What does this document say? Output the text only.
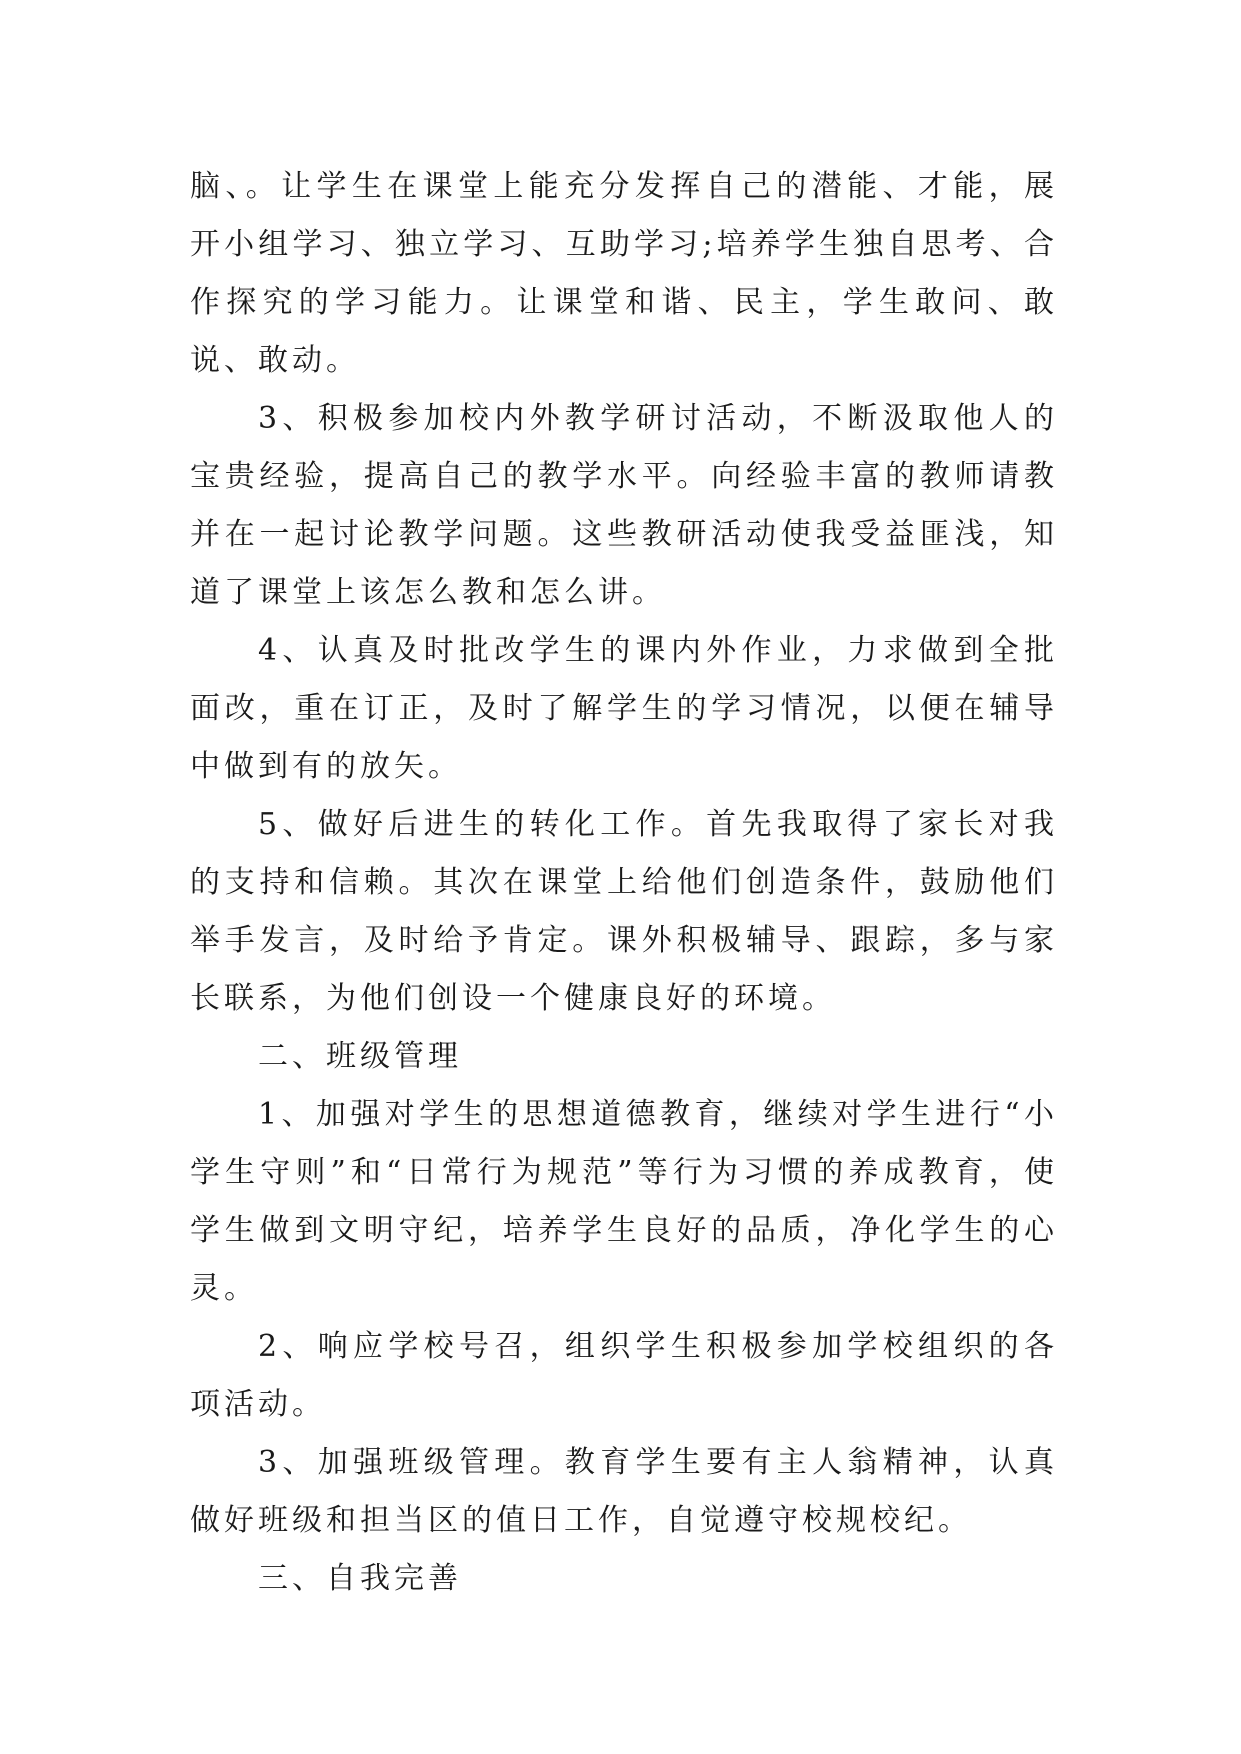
脑、。让学生在课堂上能充分发挥自己的潜能、才能，展开小组学习、独立学习、互助学习;培养学生独自思考、合作探究的学习能力。让课堂和谐、民主，学生敢问、敢说、敢动。

3、积极参加校内外教学研讨活动，不断汲取他人的宝贵经验，提高自己的教学水平。向经验丰富的教师请教并在一起讨论教学问题。这些教研活动使我受益匪浅，知道了课堂上该怎么教和怎么讲。

4、认真及时批改学生的课内外作业，力求做到全批面改，重在订正，及时了解学生的学习情况，以便在辅导中做到有的放矢。

5、做好后进生的转化工作。首先我取得了家长对我的支持和信赖。其次在课堂上给他们创造条件，鼓励他们举手发言，及时给予肯定。课外积极辅导、跟踪，多与家长联系，为他们创设一个健康良好的环境。

二、班级管理

1、加强对学生的思想道德教育，继续对学生进行“小学生守则”和“日常行为规范”等行为习惯的养成教育，使学生做到文明守纪，培养学生良好的品质，净化学生的心灵。

2、响应学校号召，组织学生积极参加学校组织的各项活动。

3、加强班级管理。教育学生要有主人翁精神，认真做好班级和担当区的值日工作，自觉遵守校规校纪。

三、自我完善
